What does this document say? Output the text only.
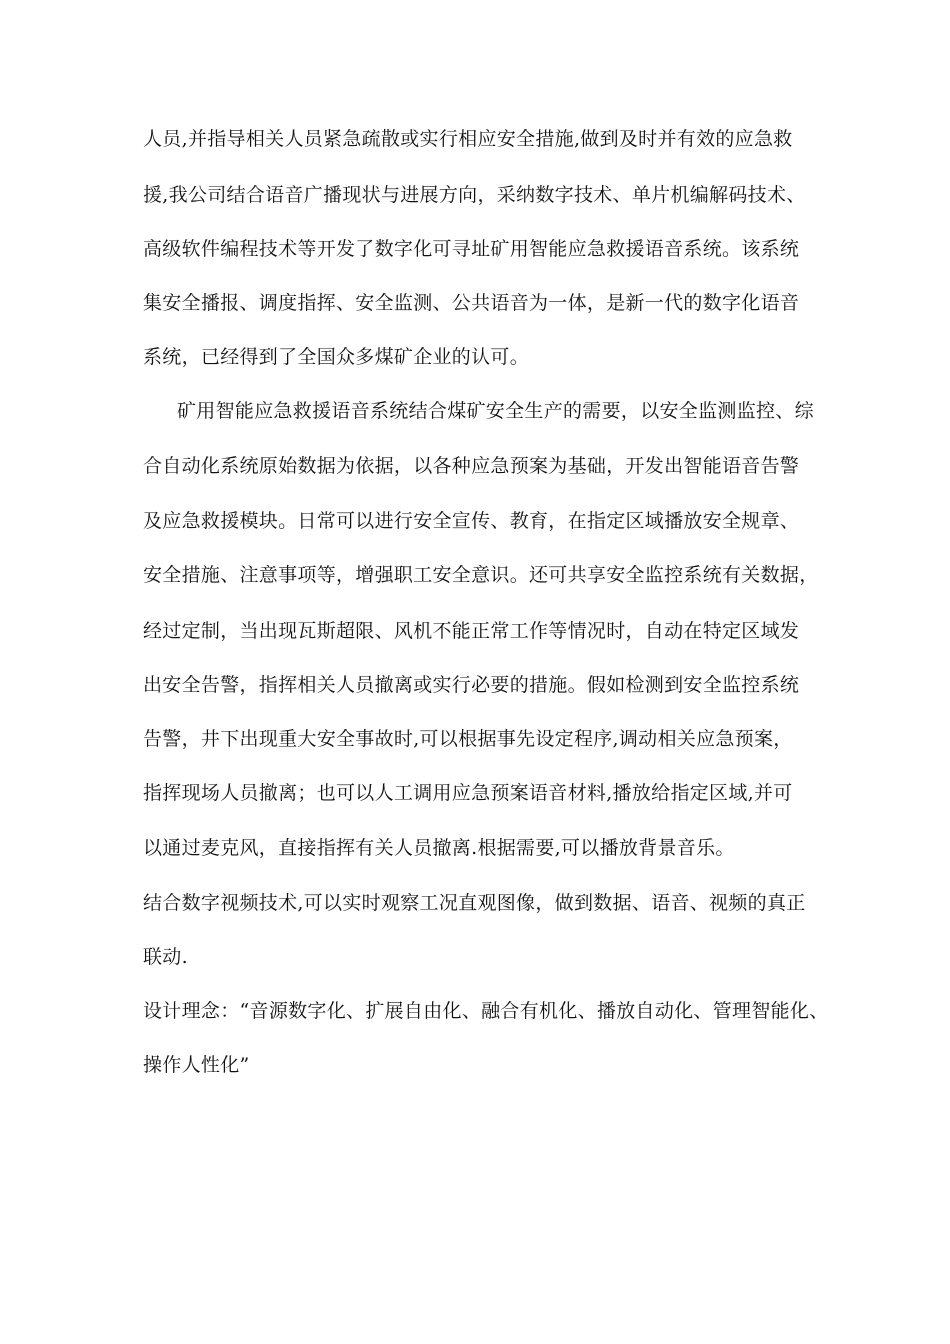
人员,并指导相关人员紧急疏散或实行相应安全措施,做到及时并有效的应急救
援,我公司结合语音广播现状与进展方向，采纳数字技术、单片机编解码技术、
高级软件编程技术等开发了数字化可寻址矿用智能应急救援语音系统。该系统
集安全播报、调度指挥、安全监测、公共语音为一体，是新一代的数字化语音
系统，已经得到了全国众多煤矿企业的认可。
矿用智能应急救援语音系统结合煤矿安全生产的需要，以安全监测监控、综
合自动化系统原始数据为依据，以各种应急预案为基础，开发出智能语音告警
及应急救援模块。日常可以进行安全宣传、教育，在指定区域播放安全规章、
安全措施、注意事项等，增强职工安全意识。还可共享安全监控系统有关数据，
经过定制，当出现瓦斯超限、风机不能正常工作等情况时，自动在特定区域发
出安全告警，指挥相关人员撤离或实行必要的措施。假如检测到安全监控系统
告警，井下出现重大安全事故时,可以根据事先设定程序,调动相关应急预案，
指挥现场人员撤离；也可以人工调用应急预案语音材料,播放给指定区域,并可
以通过麦克风，直接指挥有关人员撤离.根据需要,可以播放背景音乐。
结合数字视频技术,可以实时观察工况直观图像，做到数据、语音、视频的真正
联动.
设计理念：“音源数字化、扩展自由化、融合有机化、播放自动化、管理智能化、
操作人性化”
